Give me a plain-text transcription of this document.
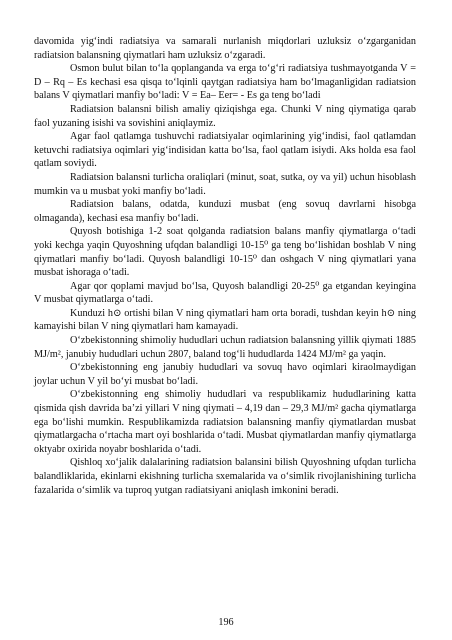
davomida yig‘indi radiatsiya va samarali nurlanish miqdorlari uzluksiz o‘zgarganidan radiatsion balansning qiymatlari ham uzluksiz o‘zgaradi.

Osmon bulut bilan to‘la qoplanganda va erga to‘g‘ri radiatsiya tushmayotganda V = D – Rq – Es kechasi esa qisqa to‘lqinli qaytgan radiatsiya ham bo‘lmaganligidan radiatsion balans V qiymatlari manfiy bo‘ladi: V = Ea– Eer= - Es ga teng bo‘ladi

Radiatsion balansni bilish amaliy qiziqishga ega. Chunki V ning qiymatiga qarab faol yuzaning isishi va sovishini aniqlaymiz.

Agar faol qatlamga tushuvchi radiatsiyalar oqimlarining yig‘indisi, faol qatlamdan ketuvchi radiatsiya oqimlari yig‘indisidan katta bo‘lsa, faol qatlam isiydi. Aks holda esa faol qatlam soviydi.

Radiatsion balansni turlicha oraliqlari (minut, soat, sutka, oy va yil) uchun hisoblash mumkin va u musbat yoki manfiy bo‘ladi.

Radiatsion balans, odatda, kunduzi musbat (eng sovuq davrlarni hisobga olmaganda), kechasi esa manfiy bo‘ladi.

Quyosh botishiga 1-2 soat qolganda radiatsion balans manfiy qiymatlarga o‘tadi yoki kechga yaqin Quyoshning ufqdan balandligi 10-15⁰ ga teng bo‘lishidan boshlab V ning qiymatlari manfiy bo‘ladi. Quyosh balandligi 10-15⁰ dan oshgach V ning qiymatlari yana musbat ishoraga o‘tadi.

Agar qor qoplami mavjud bo‘lsa, Quyosh balandligi 20-25⁰ ga etgandan keyingina V musbat qiymatlarga o‘tadi.

Kunduzi h⊙ ortishi bilan V ning qiymatlari ham orta boradi, tushdan keyin h⊙ ning kamayishi bilan V ning qiymatlari ham kamayadi.

O‘zbekistonning shimoliy hududlari uchun radiatsion balansning yillik qiymati 1885 MJ/m², janubiy hududlari uchun 2807, baland tog‘li hududlarda 1424 MJ/m² ga yaqin.

O‘zbekistonning eng janubiy hududlari va sovuq havo oqimlari kiraolmaydigan joylar uchun V yil bo‘yi musbat bo‘ladi.

O‘zbekistonning eng shimoliy hududlari va respublikamiz hududlarining katta qismida qish davrida ba’zi yillari V ning qiymati – 4,19 dan – 29,3 MJ/m² gacha qiymatlarga ega bo‘lishi mumkin. Respublikamizda radiatsion balansning manfiy qiymatlardan musbat qiymatlargacha o‘rtacha mart oyi boshlarida o‘tadi. Musbat qiymatlardan manfiy qiymatlarga oktyabr oxirida noyabr boshlarida o‘tadi.

Qishloq xo‘jalik dalalarining radiatsion balansini bilish Quyoshning ufqdan turlicha balandliklarida, ekinlarni ekishning turlicha sxemalarida va o‘simlik rivojlanishining turlicha fazalarida o‘simlik va tuproq yutgan radiatsiyani aniqlash imkonini beradi.

196
